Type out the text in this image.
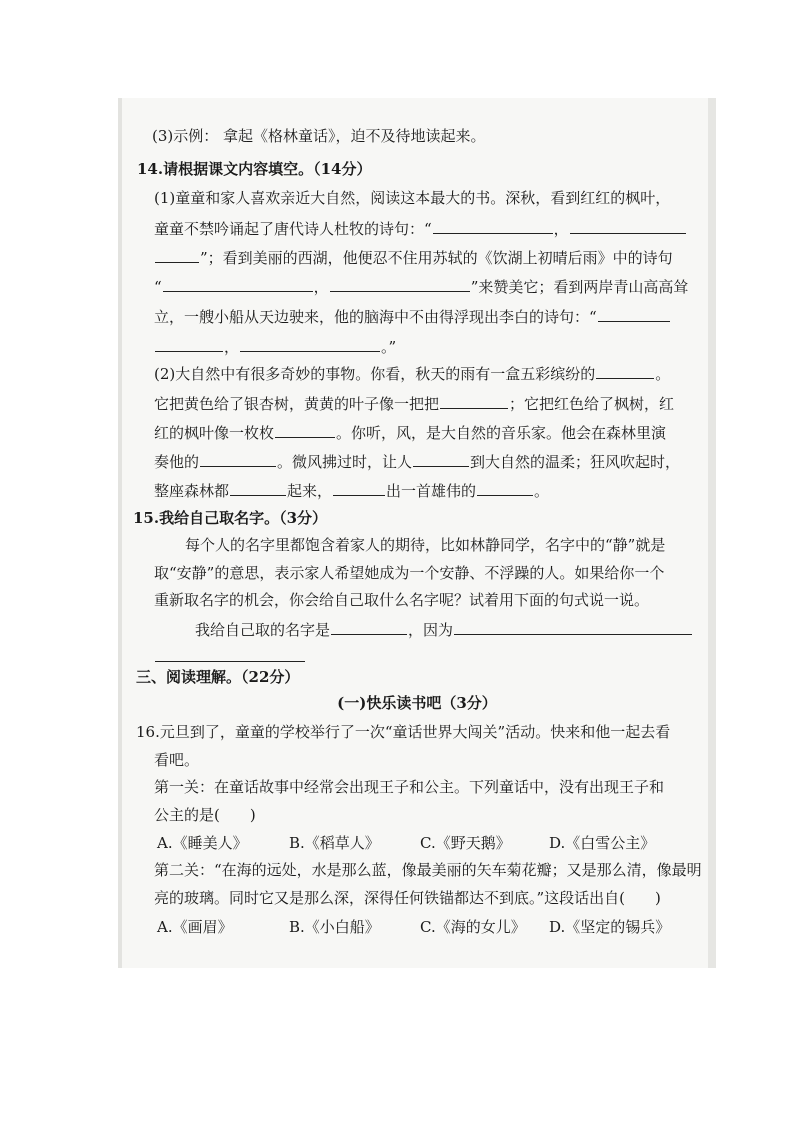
(3)示例： 拿起《格林童话》，迫不及待地读起来。
14.请根据课文内容填空。（14分）
(1)童童和家人喜欢亲近大自然，阅读这本最大的书。深秋，看到红红的枫叶，
童童不禁吟诵起了唐代诗人杜牧的诗句：“	，
”；看到美丽的西湖，他便忍不住用苏轼的《饮湖上初晴后雨》中的诗句
“	，	”来赞美它；看到两岸青山高高耸
立，一艘小船从天边驶来，他的脑海中不由得浮现出李白的诗句：“
，	。”
(2)大自然中有很多奇妙的事物。你看，秋天的雨有一盒五彩缤纷的	。
它把黄色给了银杏树，黄黄的叶子像一把把	；它把红色给了枫树，红
红的枫叶像一枚枚	。你听，风，是大自然的音乐家。他会在森林里演
奏他的	。微风拂过时，让人	到大自然的温柔；狂风吹起时，
整座森林都	起来，	出一首雄伟的	。
15.我给自己取名字。（3分）
每个人的名字里都饱含着家人的期待，比如林静同学，名字中的“静”就是
取“安静”的意思，表示家人希望她成为一个安静、不浮躁的人。如果给你一个
重新取名字的机会，你会给自己取什么名字呢？试着用下面的句式说一说。
我给自己取的名字是	，因为
三、阅读理解。（22分）
(一)快乐读书吧（3分）
16.元旦到了，童童的学校举行了一次“童话世界大闯关”活动。快来和他一起去看
看吧。
第一关：在童话故事中经常会出现王子和公主。下列童话中，没有出现王子和
公主的是(　　)
A.《睡美人》	B.《稻草人》	C.《野天鹅》	D.《白雪公主》
第二关：“在海的远处，水是那么蓝，像最美丽的矢车菊花瓣；又是那么清，像最明
亮的玻璃。同时它又是那么深，深得任何铁锚都达不到底。”这段话出自(　　)
A.《画眉》	B.《小白船》	C.《海的女儿》 D.《坚定的锡兵》
